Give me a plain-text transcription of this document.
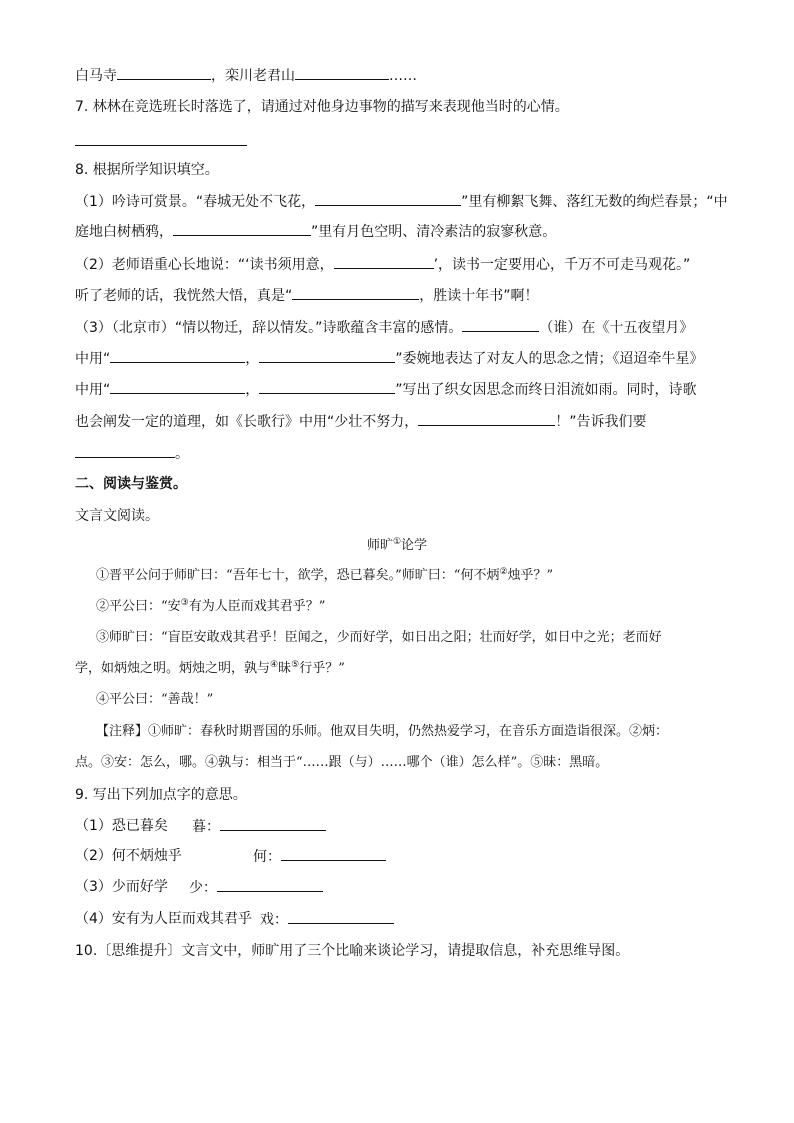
白马寺	，栾川老君山	……
7. 林林在竞选班长时落选了，请通过对他身边事物的描写来表现他当时的心情。
8. 根据所学知识填空。
（1）吟诗可赏景。“春城无处不飞花，	”里有柳絮飞舞、落红无数的绚烂春景；“中
庭地白树栖鸦，	”里有月色空明、清冷素洁的寂寥秋意。
（2）老师语重心长地说：“‘读书须用意，	’，读书一定要用心，千万不可走马观花。”
听了老师的话，我恍然大悟，真是“	，胜读十年书”啊！
（3）（北京市）“情以物迁，辞以情发。”诗歌蕴含丰富的感情。	（谁）在《十五夜望月》
中用“	，	”委婉地表达了对友人的思念之情；《迢迢牵牛星》
中用“	，	”写出了织女因思念而终日泪流如雨。同时，诗歌
也会阐发一定的道理，如《长歌行》中用“少壮不努力，	！”告诉我们要
。
二、阅读与鉴赏。
文言文阅读。
师旷①论学
①晋平公问于师旷曰：“吾年七十，欲学，恐已暮矣。”师旷曰：“何不炳②烛乎？”
②平公曰：“安③有为人臣而戏其君乎？”
③师旷曰：“盲臣安敢戏其君乎！臣闻之，少而好学，如日出之阳；壮而好学，如日中之光；老而好
学，如炳烛之明。炳烛之明，孰与④昧⑤行乎？”
④平公曰：“善哉！”
【注释】①师旷：春秋时期晋国的乐师。他双目失明，仍然热爱学习，在音乐方面造诣很深。②炳：
点。③安：怎么，哪。④孰与：相当于“……跟（与）……哪个（谁）怎么样”。⑤昧：黑暗。
9. 写出下列加点字的意思。
（1）恐已暮矣 暮：
（2）何不炳烛乎	何：
（3）少而好学 少：
（4）安有为人臣而戏其君乎 戏：
10.〔思维提升〕文言文中，师旷用了三个比喻来谈论学习，请提取信息，补充思维导图。
